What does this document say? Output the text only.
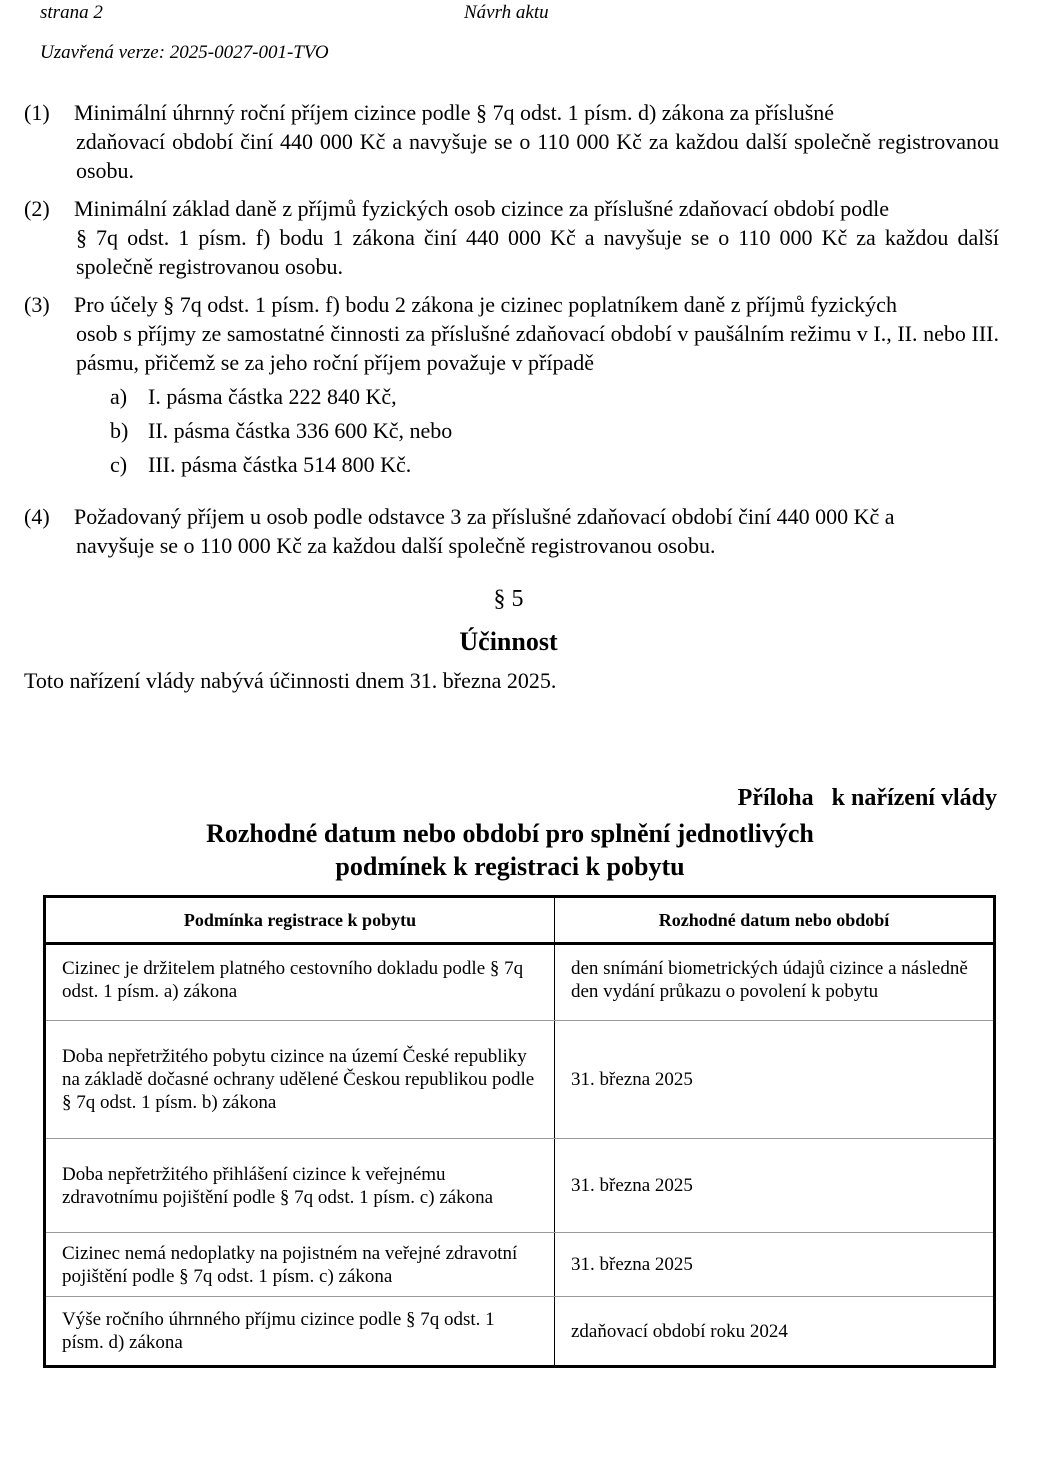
strana 2	Návrh aktu
Uzavřená verze: 2025-0027-001-TVO
(1) Minimální úhrnný roční příjem cizince podle § 7q odst. 1 písm. d) zákona za příslušné
zdaňovací období činí 440 000 Kč a navyšuje se o 110 000 Kč za každou další společně registrovanou osobu.
(2) Minimální základ daně z příjmů fyzických osob cizince za příslušné zdaňovací období podle
§ 7q odst. 1 písm. f) bodu 1 zákona činí 440 000 Kč a navyšuje se o 110 000 Kč za každou další společně registrovanou osobu.
(3) Pro účely § 7q odst. 1 písm. f) bodu 2 zákona je cizinec poplatníkem daně z příjmů fyzických
osob s příjmy ze samostatné činnosti za příslušné zdaňovací období v paušálním režimu v I., II. nebo III. pásmu, přičemž se za jeho roční příjem považuje v případě
a) I. pásma částka 222 840 Kč,
b) II. pásma částka 336 600 Kč, nebo
c) III. pásma částka 514 800 Kč.
(4) Požadovaný příjem u osob podle odstavce 3 za příslušné zdaňovací období činí 440 000 Kč a
navyšuje se o 110 000 Kč za každou další společně registrovanou osobu.
§ 5
Účinnost
Toto nařízení vlády nabývá účinnosti dnem 31. března 2025.
Příloha   k nařízení vlády
Rozhodné datum nebo období pro splnění jednotlivých
podmínek k registraci k pobytu
Podmínka registrace k pobytu	Rozhodné datum nebo období
Cizinec je držitelem platného cestovního dokladu podle § 7q odst. 1 písm. a) zákona	den snímání biometrických údajů cizince a následně den vydání průkazu o povolení k pobytu
Doba nepřetržitého pobytu cizince na území České republiky na základě dočasné ochrany udělené Českou republikou podle § 7q odst. 1 písm. b) zákona	31. března 2025
Doba nepřetržitého přihlášení cizince k veřejnému zdravotnímu pojištění podle § 7q odst. 1 písm. c) zákona	31. března 2025
Cizinec nemá nedoplatky na pojistném na veřejné zdravotní pojištění podle § 7q odst. 1 písm. c) zákona	31. března 2025
Výše ročního úhrnného příjmu cizince podle § 7q odst. 1 písm. d) zákona	zdaňovací období roku 2024
